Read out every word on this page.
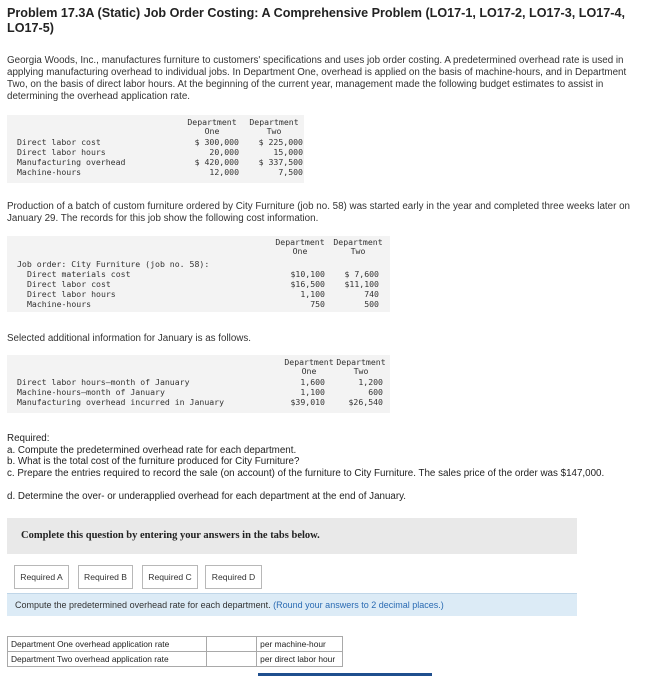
Problem 17.3A (Static) Job Order Costing: A Comprehensive Problem (LO17-1, LO17-2, LO17-3, LO17-4, LO17-5)
Georgia Woods, Inc., manufactures furniture to customers' specifications and uses job order costing. A predetermined overhead rate is used in applying manufacturing overhead to individual jobs. In Department One, overhead is applied on the basis of machine-hours, and in Department Two, on the basis of direct labor hours. At the beginning of the current year, management made the following budget estimates to assist in determining the overhead application rate.
Department
One
Department
Two
Direct labor cost	$ 300,000	$ 225,000
Direct labor hours	20,000	15,000
Manufacturing overhead	$ 420,000	$ 337,500
Machine-hours	12,000	7,500
Production of a batch of custom furniture ordered by City Furniture (job no. 58) was started early in the year and completed three weeks later on January 29. The records for this job show the following cost information.
Department
One
Department
Two
Job order: City Furniture (job no. 58):
Direct materials cost	$10,100	$ 7,600
Direct labor cost	$16,500	$11,100
Direct labor hours	1,100	740
Machine-hours	750	500
Selected additional information for January is as follows.
Department
One
Department
Two
Direct labor hours—month of January	1,600	1,200
Machine-hours—month of January	1,100	600
Manufacturing overhead incurred in January	$39,010	$26,540
Required:
a. Compute the predetermined overhead rate for each department.
b. What is the total cost of the furniture produced for City Furniture?
c. Prepare the entries required to record the sale (on account) of the furniture to City Furniture. The sales price of the order was $147,000.
d. Determine the over- or underapplied overhead for each department at the end of January.
Complete this question by entering your answers in the tabs below.
Required A	Required B	Required C	Required D
Compute the predetermined overhead rate for each department. (Round your answers to 2 decimal places.)
Department One overhead application rate		per machine-hour
Department Two overhead application rate		per direct labor hour
